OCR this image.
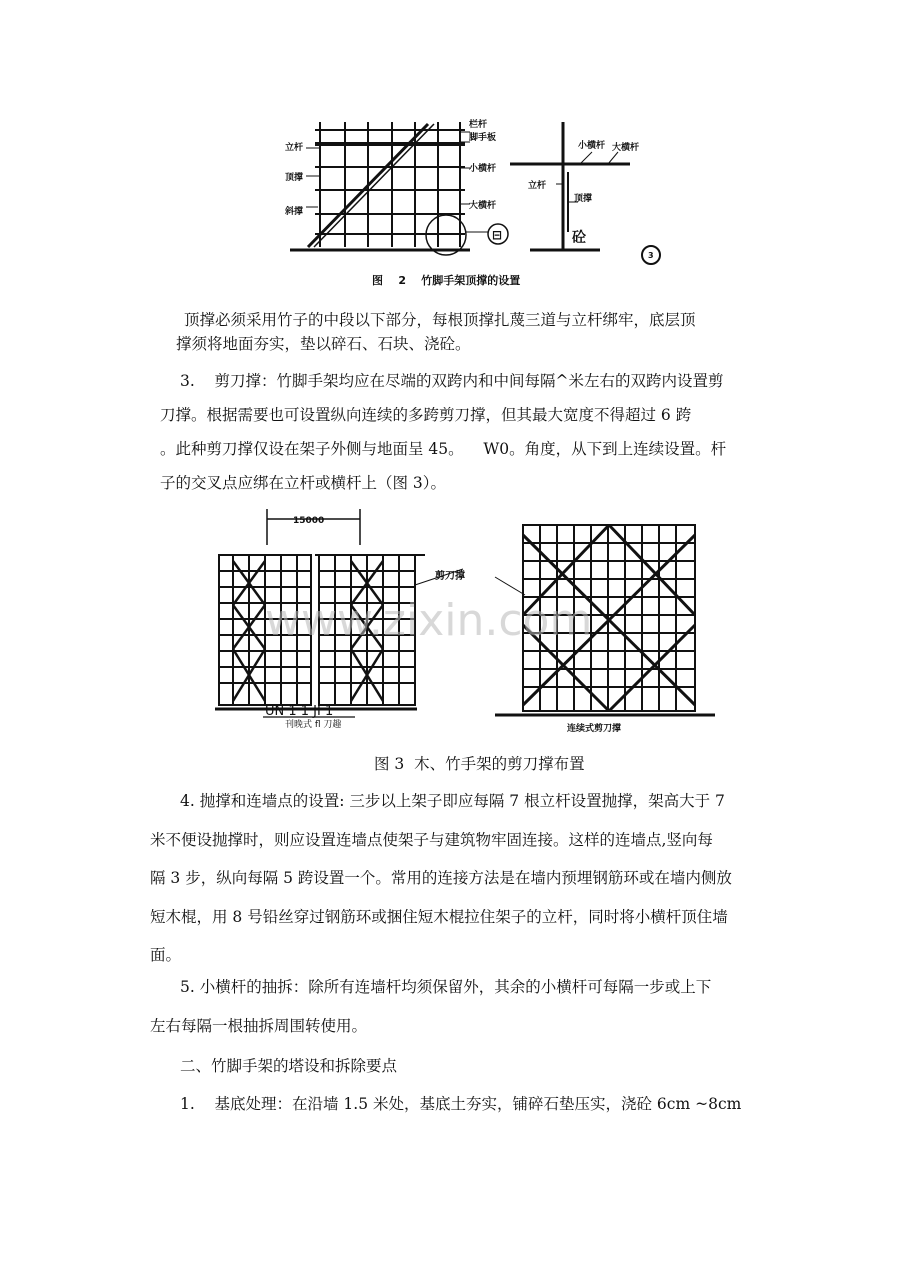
栏杆
脚手板
立杆
顶撑
小横杆
斜撑
大横杆
小横杆 大横杆
立杆
顶撑
砼
⊟
3
图    2    竹脚手架顶撑的设置

顶撑必须采用竹子的中段以下部分，每根顶撑扎蔑三道与立杆绑牢，底层顶

撑须将地面夯实，垫以碎石、石块、浇砼。

3.    剪刀撑：竹脚手架均应在尽端的双跨内和中间每隔^米左右的双跨内设置剪

刀撑。根据需要也可设置纵向连续的多跨剪刀撑，但其最大宽度不得超过 6 跨

。此种剪刀撑仅设在架子外侧与地面呈 45。    W0。角度，从下到上连续设置。杆

子的交叉点应绑在立杆或横杆上（图 3）。

15000
剪刀撑
UN 1 1 JI 1
刊晚式 fl 刀趣	连续式剪刀撑
www.zixin.com
图 3  木、竹手架的剪刀撑布置

4. 抛撑和连墙点的设置: 三步以上架子即应每隔 7 根立杆设置抛撑，架高大于 7

米不便设抛撑时，则应设置连墙点使架子与建筑物牢固连接。这样的连墙点,竖向每

隔 3 步，纵向每隔 5 跨设置一个。常用的连接方法是在墙内预埋钢筋环或在墙内侧放

短木棍，用 8 号铅丝穿过钢筋环或捆住短木棍拉住架子的立杆，同时将小横杆顶住墙

面。

5. 小横杆的抽拆：除所有连墙杆均须保留外，其余的小横杆可每隔一步或上下

左右每隔一根抽拆周围转使用。

二、竹脚手架的塔设和拆除要点
1.    基底处理：在沿墙 1.5 米处，基底土夯实，铺碎石垫压实，浇砼 6cm ~8cm
